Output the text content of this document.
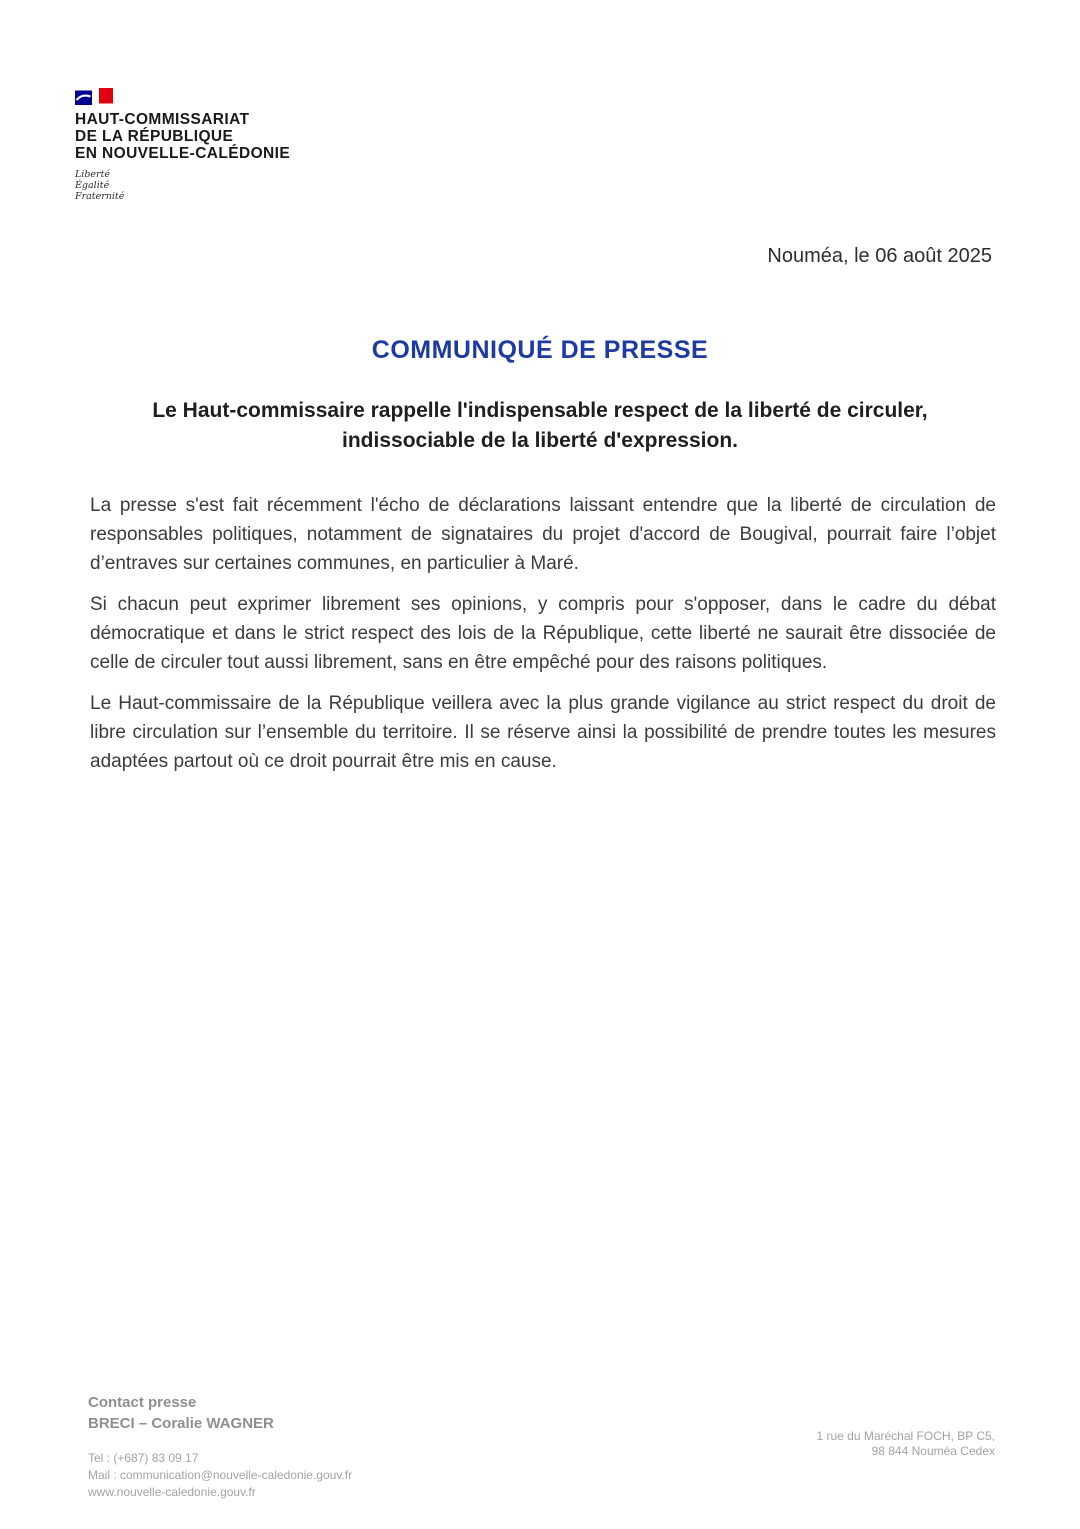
HAUT-COMMISSARIAT
DE LA RÉPUBLIQUE
EN NOUVELLE-CALÉDONIE
Liberté
Égalité
Fraternité
Nouméa, le 06 août 2025
COMMUNIQUÉ DE PRESSE
Le Haut-commissaire rappelle l'indispensable respect de la liberté de circuler,
indissociable de la liberté d'expression.

La presse s'est fait récemment l'écho de déclarations laissant entendre que la liberté de circulation de responsables politiques, notamment de signataires du projet d'accord de Bougival, pourrait faire l’objet d’entraves sur certaines communes, en particulier à Maré.

Si chacun peut exprimer librement ses opinions, y compris pour s'opposer, dans le cadre du débat démocratique et dans le strict respect des lois de la République, cette liberté ne saurait être dissociée de celle de circuler tout aussi librement, sans en être empêché pour des raisons politiques.

Le Haut-commissaire de la République veillera avec la plus grande vigilance au strict respect du droit de libre circulation sur l’ensemble du territoire. Il se réserve ainsi la possibilité de prendre toutes les mesures adaptées partout où ce droit pourrait être mis en cause.

Contact presse
BRECI – Coralie WAGNER
Tel : (+687) 83 09 17
Mail : communication@nouvelle-caledonie.gouv.fr
www.nouvelle-caledonie.gouv.fr
1 rue du Maréchal FOCH, BP C5,
98 844 Nouméa Cedex
